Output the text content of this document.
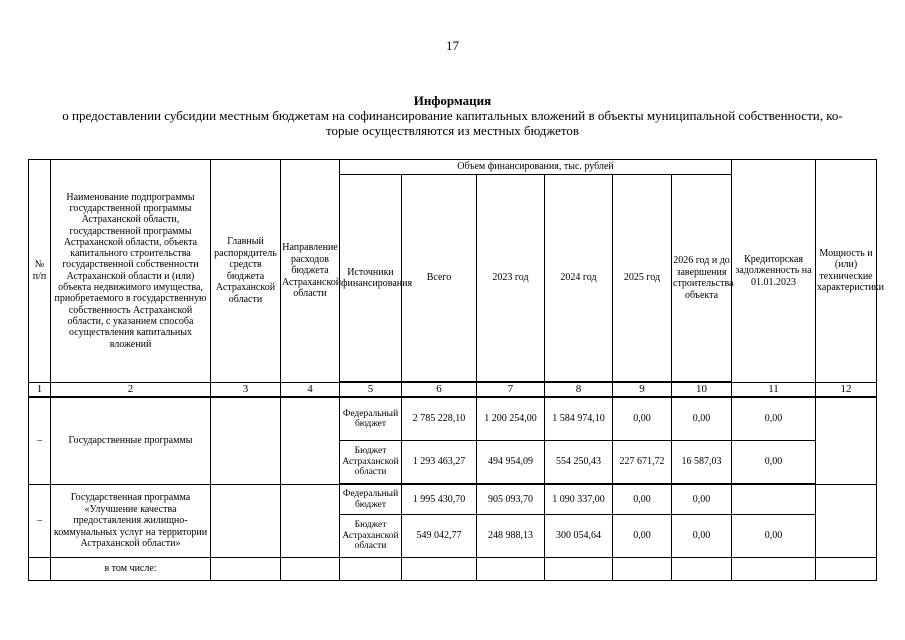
17
Информация
о предоставлении субсидии местным бюджетам на софинансирование капитальных вложений в объекты муниципальной собственности, ко-
торые осуществляются из местных бюджетов
№ п/п	Наименование подпрограммы государственной программы Астраханской области, государственной программы Астраханской области, объекта капитального строительства государственной собственности Астраханской области и (или) объекта недвижимого имущества, приобретаемого в государственную собственность Астраханской области, с указанием способа осуществления капитальных вложений	Главный распорядитель средств бюджета Астраханской области	Направление расходов бюджета Астраханской области	Объем финансирования, тыс. рублей						Кредиторская задолженность на 01.01.2023	Мощность и (или) технические характеристики
				Источники финансирования	Всего	2023 год	2024 год	2025 год	2026 год и до завершения строительства объекта		
1	2	3	4	5	6	7	8	9	10	11	12
–	Государственные программы			Федеральный бюджет	2 785 228,10	1 200 254,00	1 584 974,10	0,00	0,00	0,00	
				Бюджет Астраханской области	1 293 463,27	494 954,09	554 250,43	227 671,72	16 587,03	0,00	
–	Государственная программа «Улучшение качества предоставления жилищно-коммунальных услуг на территории Астраханской области»			Федеральный бюджет	1 995 430,70	905 093,70	1 090 337,00	0,00	0,00		
				Бюджет Астраханской области	549 042,77	248 988,13	300 054,64	0,00	0,00	0,00	
	в том числе:										
